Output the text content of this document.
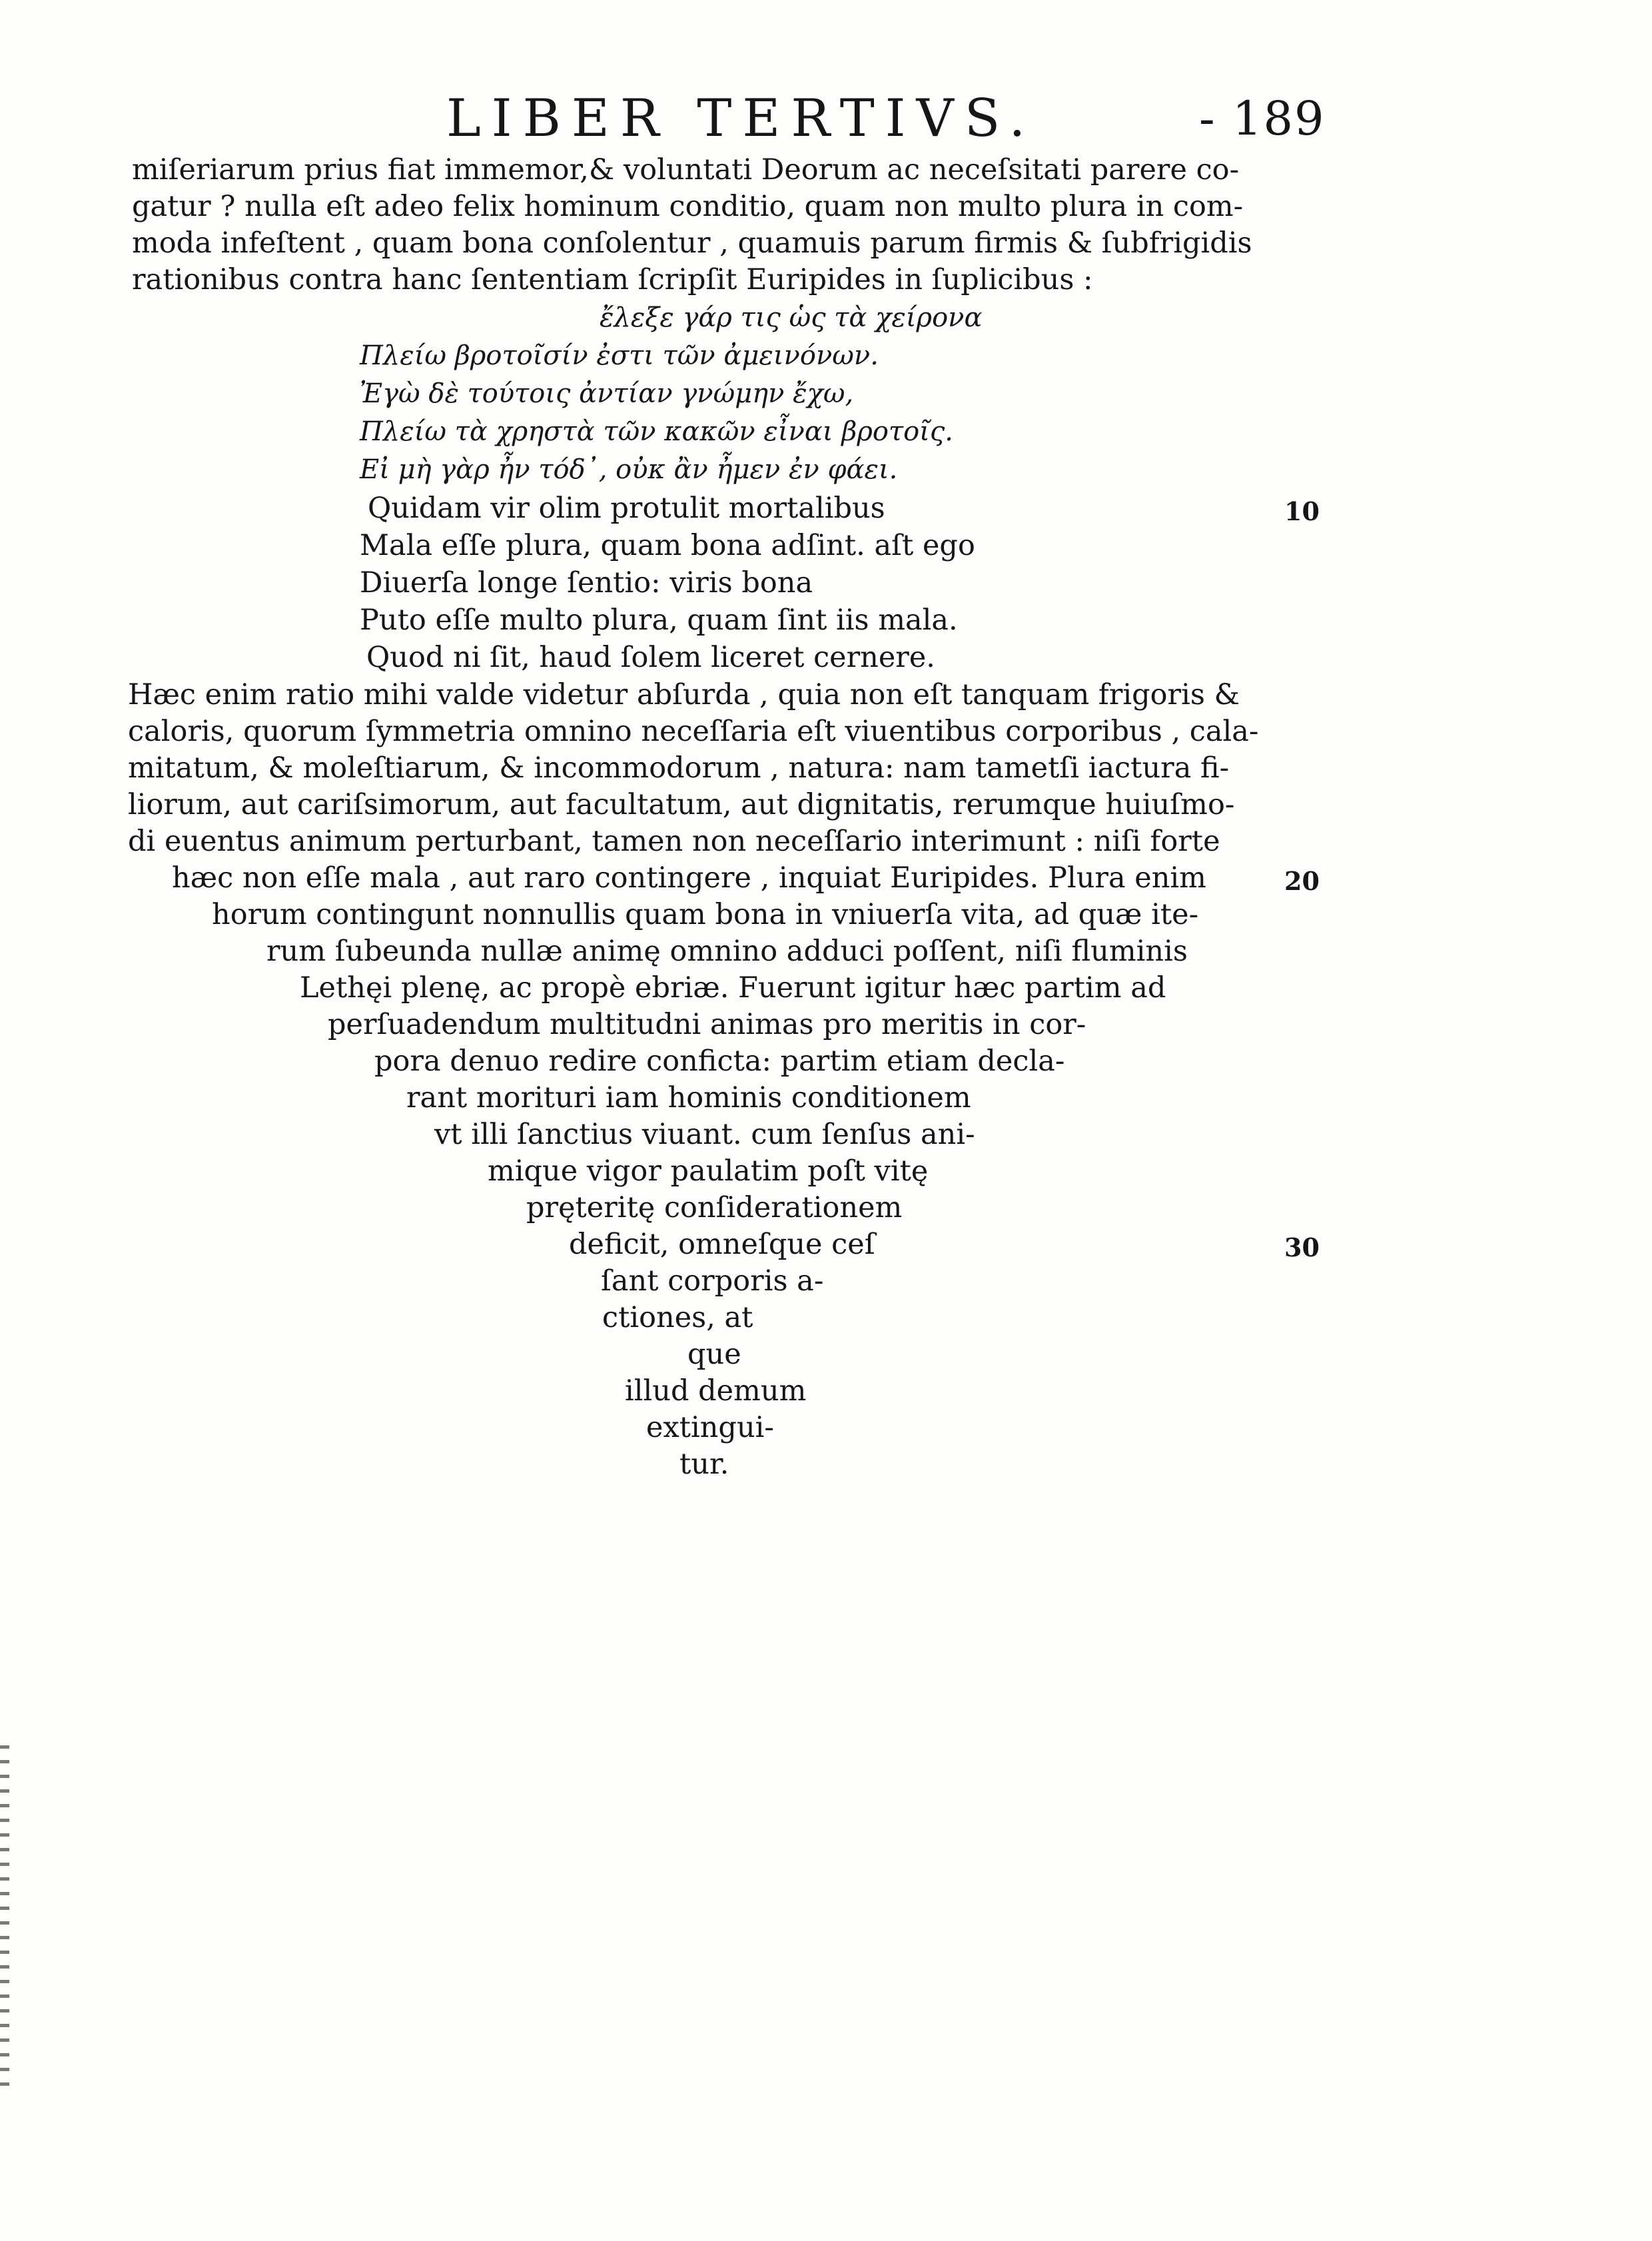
LIBER TERTIVS.
-	189
miſeriarum prius fiat immemor,& voluntati Deorum ac neceſsitati parere co-
gatur ? nulla eſt adeo felix hominum conditio, quam non multo plura in com-
moda infeſtent , quam bona conſolentur , quamuis parum firmis & ſubfrigidis
rationibus contra hanc ſententiam ſcripſit Euripides in ſuplicibus :
ἔλεξε γάρ τις ὡς τὰ χείρονα
Πλείω βροτοῖσίν ἐστι τῶν ἀμεινόνων.
Ἐγὼ δὲ τούτοις ἀντίαν γνώμην ἔχω,
Πλείω τὰ χρηστὰ τῶν κακῶν εἶναι βροτοῖς.
Εἰ μὴ γὰρ ἦν τόδ᾽, οὐκ ἂν ἦμεν ἐν φάει.
Quidam vir olim protulit mortalibus
Mala eſſe plura, quam bona adſint. aſt ego
Diuerſa longe ſentio: viris bona
Puto eſſe multo plura, quam ſint iis mala.
Quod ni ſit, haud ſolem liceret cernere.
Hæc enim ratio mihi valde videtur abſurda , quia non eſt tanquam frigoris &
caloris, quorum ſymmetria omnino neceſſaria eſt viuentibus corporibus , cala-
mitatum, & moleſtiarum, & incommodorum , natura: nam tametſi iactura fi-
liorum, aut cariſsimorum, aut facultatum, aut dignitatis, rerumque huiuſmo-
di euentus animum perturbant, tamen non neceſſario interimunt : niſi forte
hæc non eſſe mala , aut raro contingere , inquiat Euripides. Plura enim
horum contingunt nonnullis quam bona in vniuerſa vita, ad quæ ite-
rum ſubeunda nullæ animę omnino adduci poſſent, niſi fluminis
Lethęi plenę, ac propè ebriæ. Fuerunt igitur hæc partim ad
perſuadendum multitudni animas pro meritis in cor-
pora denuo redire conficta: partim etiam decla-
rant morituri iam hominis conditionem
vt illi ſanctius viuant. cum ſenſus ani-
mique vigor paulatim poſt vitę
pręteritę conſiderationem
deficit, omneſque ceſ
ſant corporis a-
ctiones, at
que
illud demum
extingui-
tur.
10
20
30
